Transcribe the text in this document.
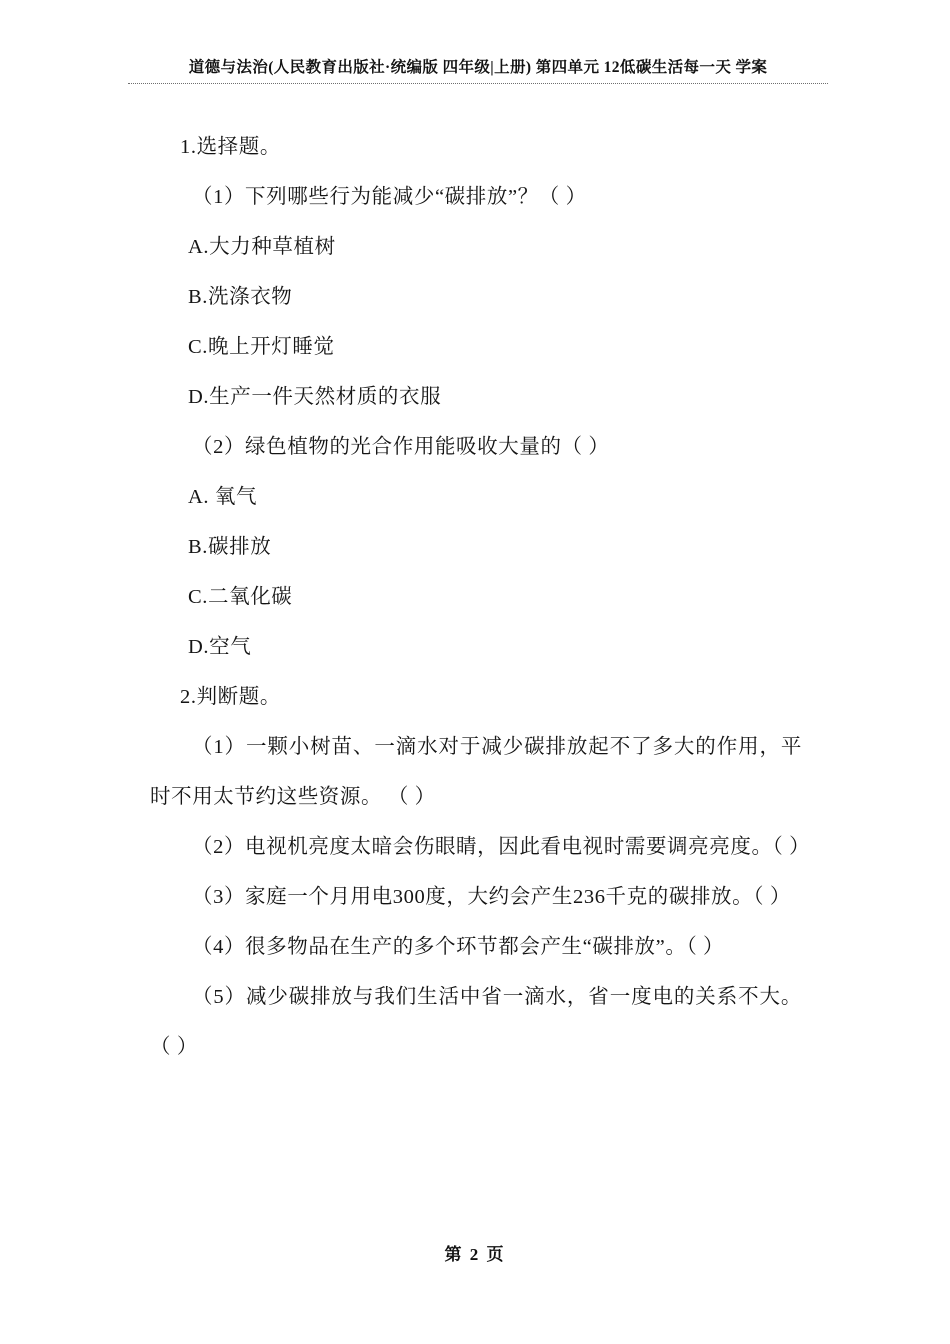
道德与法治(人民教育出版社·统编版 四年级|上册) 第四单元 12低碳生活每一天 学案

1.选择题。

（1）下列哪些行为能减少“碳排放”？（ ）

A.大力种草植树

B.洗涤衣物

C.晚上开灯睡觉

D.生产一件天然材质的衣服

（2）绿色植物的光合作用能吸收大量的（ ）

A. 氧气

B.碳排放

C.二氧化碳

D.空气

2.判断题。

（1）一颗小树苗、一滴水对于减少碳排放起不了多大的作用，平时不用太节约这些资源。 （ ）

（2）电视机亮度太暗会伤眼睛，因此看电视时需要调亮亮度。（ ）

（3）家庭一个月用电300度，大约会产生236千克的碳排放。（ ）

（4）很多物品在生产的多个环节都会产生“碳排放”。（ ）

（5）减少碳排放与我们生活中省一滴水，省一度电的关系不大。（ ）

第 2 页
